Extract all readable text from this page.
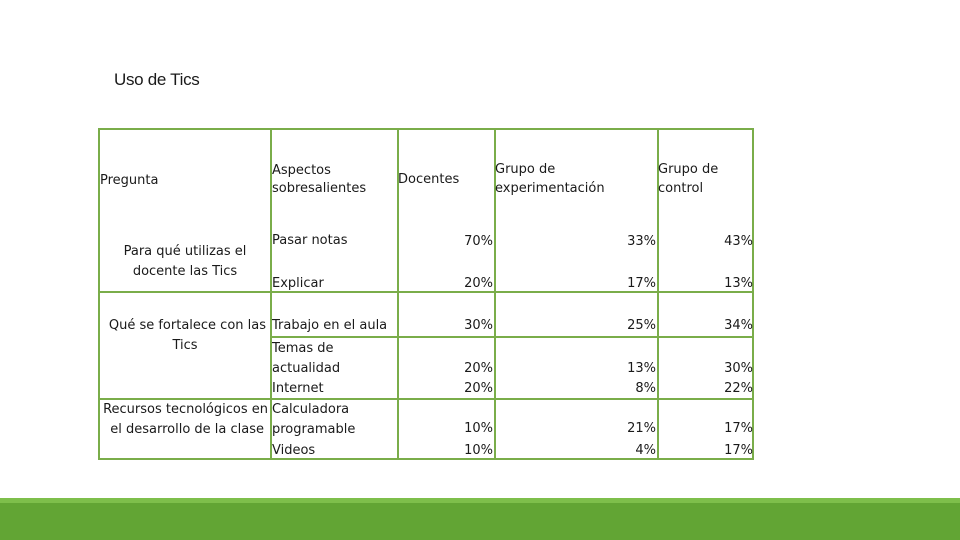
Uso de Tics
Pregunta
Aspectos
sobresalientes
Docentes
Grupo de
experimentación
Grupo de
control
Para qué utilizas el
docente las Tics
Qué se fortalece con las
Tics
Recursos tecnológicos en
el desarrollo de la clase
Pasar notas
Explicar
Trabajo en el aula
Temas de
actualidad
Internet
Calculadora
programable
Videos
70%
20%
30%
20%
20%
10%
10%
33%
17%
25%
13%
8%
21%
4%
43%
13%
34%
30%
22%
17%
17%
